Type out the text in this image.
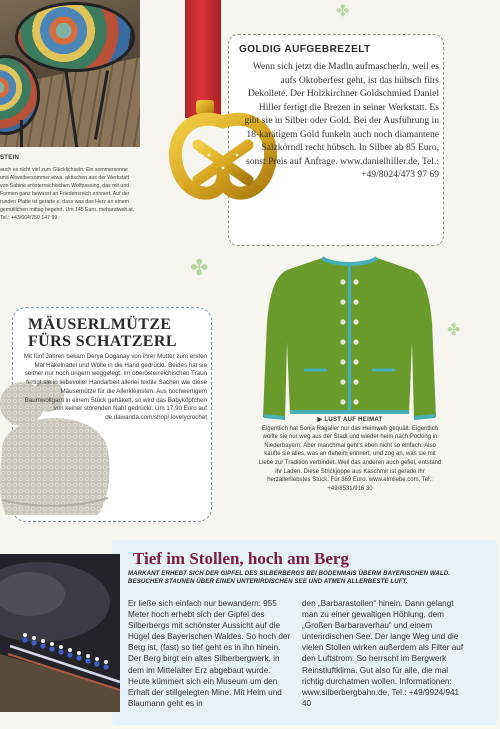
STEIN
auch es nicht viel zum Glücklichsein. Ein sommersonne und Altweibersommer etwa. aktischen aus der Werkstatt von Sabine erösterreichischen Wolfpassing, das mit und Formen ganz bewusst an Friedensreich erinnert. Auf der runden Platte ist gerade e, dass was das Herz an einem gemütlichen mittag begehrt. Um 145 Euro. mehandwelt.at, Tel.: +43/664/750 147 99
GOLDIG AUFGEBREZELT
Wenn sich jetzt die Madln aufmascherln, weil es aufs Oktoberfest geht, ist das hübsch fürs Dekolleté. Der Holzkirchner Goldschmied Daniel Hiller fertigt die Brezen in seiner Werkstatt. Es gibt sie in Silber oder Gold. Bei der Ausführung in 18-karätigem Gold funkeln auch noch diamantene Salzkörndl recht hübsch. In Silber ab 85 Euro, sonst Preis auf Anfrage. www.danielhiller.de, Tel.: +49/8024/473 97 69
✤
✤
✤
MÄUSERLMÜTZE
FÜRS SCHATZERL
Mit fünf Jahren bekam Derya Doganay von ihrer Mutter zum ersten Mal Häkelnadel und Wolle in die Hand gedrückt. Beides hat sie seither nur noch ungern weggelegt. Im oberösterreichischen Traun fertigt sie in liebevoller Handarbeit allerlei textile Sachen wie diese Mäusemütze für die Allerkleinsten. Aus hochwertigem Baumwollgarn in einem Stück gehäkelt, so wird das Babyköpfchen von keiner störenden Naht gedrückt. Um 17,90 Euro auf de.dawanda.com/shop/ lovelycrochet	▶ LUST AUF HEIMAT
Eigentlich hat Sonja Ragaller nur das Heimweh gequält. Eigentlich wollte sie nur weg aus der Stadt und wieder heim nach Pocking in Niederbayern. Aber manchmal geht's eben nicht so einfach. Also kaufte sie alles, was an daheim erinnert, und zog an, was sie mit Liebe zur Tradition verbindet. Weil das anderen auch gefiel, entstand ihr Laden. Diese Strickjoppe aus Kaschmir ist gerade ihr herzallerliebstes Stück. Für 369 Euro. www.almliebe.com, Tel.: +49/8531/916 30
Tief im Stollen, hoch am Berg
MARKANT ERHEBT SICH DER GIPFEL DES SILBERBERGS BEI BODENMAIS ÜBERM BAYERISCHEN WALD. BESUCHER STAUNEN ÜBER EINEN UNTERIRDISCHEN SEE UND ATMEN ALLERBESTE LUFT.
Er ließe sich einfach nur bewandern: 955 Meter hoch erhebt sich der Gipfel des Silberbergs mit schönster Aussicht auf die Hügel des Bayerischen Waldes. So hoch der Berg ist, (fast) so tief geht es in ihn hinein. Der Berg birgt ein altes Silberbergwerk, in dem im Mittelalter Erz abgebaut wurde. Heute kümmert sich ein Museum um den Erhalt der stillgelegten Mine. Mit Helm und Blaumann geht es in
den „Barbarastollen“ hinein. Dann gelangt man zu einer gewaltigen Höhlung, dem „Großen Barbaraverhau“ und einem unterirdischen See. Der lange Weg und die vielen Stollen wirken außerdem als Filter auf den Luftstrom. So herrscht im Bergwerk Reinstluftklima. Gut also für alle, die mal richtig durchatmen wollen. Informationen: www.silberbergbahn.de, Tel.: +49/9924/941 40
